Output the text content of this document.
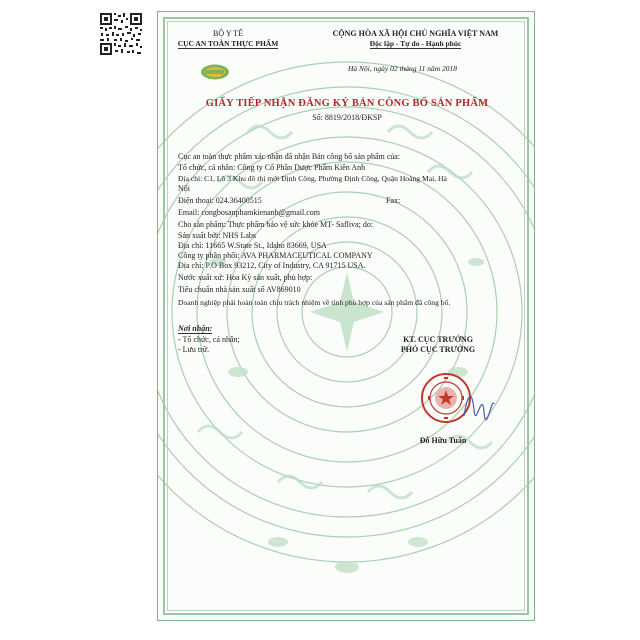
BỘ Y TẾ
CỤC AN TOÀN THỰC PHẨM
CỘNG HÒA XÃ HỘI CHỦ NGHĨA VIỆT NAM
Độc lập - Tự do - Hạnh phúc
Hà Nội, ngày 02 tháng 11 năm 2018
GIẤY TIẾP NHẬN ĐĂNG KÝ BẢN CÔNG BỐ SẢN PHẨM
Số: 8819/2018/ĐKSP
Cục an toàn thực phẩm xác nhận đã nhận Bản công bố sản phẩm của:
Tổ chức, cá nhân: Công ty Cổ Phần Dược Phẩm Kiên Anh
Địa chỉ: C1, Lô 3 Khu đô thị mới Định Công, Phường Định Công, Quận Hoàng Mai, Hà
Nội
Điện thoại: 024.36400515	Fax:
Email: congbosanphamkienanh@gmail.com
Cho sản phẩm: Thực phẩm bảo vệ sức khỏe MT- Safliva; do:
Sản xuất bởi: NHS Labs
Địa chỉ: 11665 W.State St., Idaho 83669, USA
Công ty phân phối: AVA PHARMACEUTICAL COMPANY
Địa chỉ: P.O Box 93212, City of Industry, CA 91715 USA.
Nước xuất xứ: Hoa Kỳ sản xuất, phù hợp:
Tiêu chuẩn nhà sản xuất số AV869010
Doanh nghiệp phải hoàn toàn chịu trách nhiệm về tính phù hợp của sản phẩm đã công bố.
Nơi nhận:
- Tổ chức, cá nhân;
- Lưu trữ.
KT. CỤC TRƯỞNG
PHÓ CỤC TRƯỞNG
Đỗ Hữu Tuấn
